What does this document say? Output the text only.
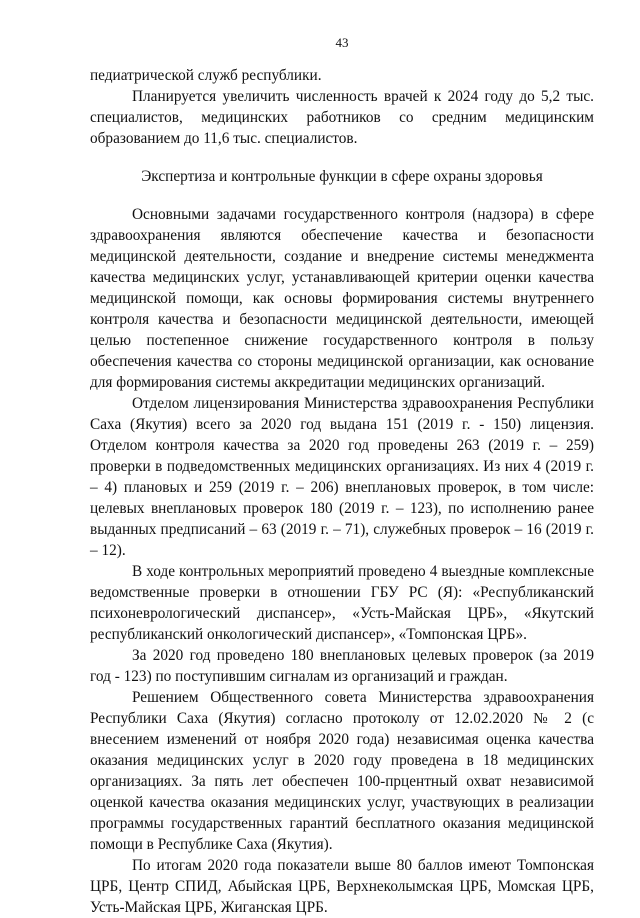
43

педиатрической служб республики.

Планируется увеличить численность врачей к 2024 году до 5,2 тыс. специалистов, медицинских работников со средним медицинским образованием до 11,6 тыс. специалистов.

Экспертиза и контрольные функции в сфере охраны здоровья

Основными задачами государственного контроля (надзора) в сфере здравоохранения являются обеспечение качества и безопасности медицинской деятельности, создание и внедрение системы менеджмента качества медицинских услуг, устанавливающей критерии оценки качества медицинской помощи, как основы формирования системы внутреннего контроля качества и безопасности медицинской деятельности, имеющей целью постепенное снижение государственного контроля в пользу обеспечения качества со стороны медицинской организации, как основание для формирования системы аккредитации медицинских организаций.

Отделом лицензирования Министерства здравоохранения Республики Саха (Якутия) всего за 2020 год выдана 151 (2019 г. - 150) лицензия. Отделом контроля качества за 2020 год проведены 263 (2019 г. – 259) проверки в подведомственных медицинских организациях. Из них 4 (2019 г. – 4) плановых и 259 (2019 г. – 206) внеплановых проверок, в том числе: целевых внеплановых проверок 180 (2019 г. – 123), по исполнению ранее выданных предписаний – 63 (2019 г. – 71), служебных проверок – 16 (2019 г. – 12).

В ходе контрольных мероприятий проведено 4 выездные комплексные ведомственные проверки в отношении ГБУ РС (Я): «Республиканский психоневрологический диспансер», «Усть-Майская ЦРБ», «Якутский республиканский онкологический диспансер», «Томпонская ЦРБ».

За 2020 год проведено 180 внеплановых целевых проверок (за 2019 год - 123) по поступившим сигналам из организаций и граждан.

Решением Общественного совета Министерства здравоохранения Республики Саха (Якутия) согласно протоколу от 12.02.2020 № 2 (с внесением изменений от ноября 2020 года) независимая оценка качества оказания медицинских услуг в 2020 году проведена в 18 медицинских организациях. За пять лет обеспечен 100-прцентный охват независимой оценкой качества оказания медицинских услуг, участвующих в реализации программы государственных гарантий бесплатного оказания медицинской помощи в Республике Саха (Якутия).

По итогам 2020 года показатели выше 80 баллов имеют Томпонская ЦРБ, Центр СПИД, Абыйская ЦРБ, Верхнеколымская ЦРБ, Момская ЦРБ, Усть-Майская ЦРБ, Жиганская ЦРБ.
